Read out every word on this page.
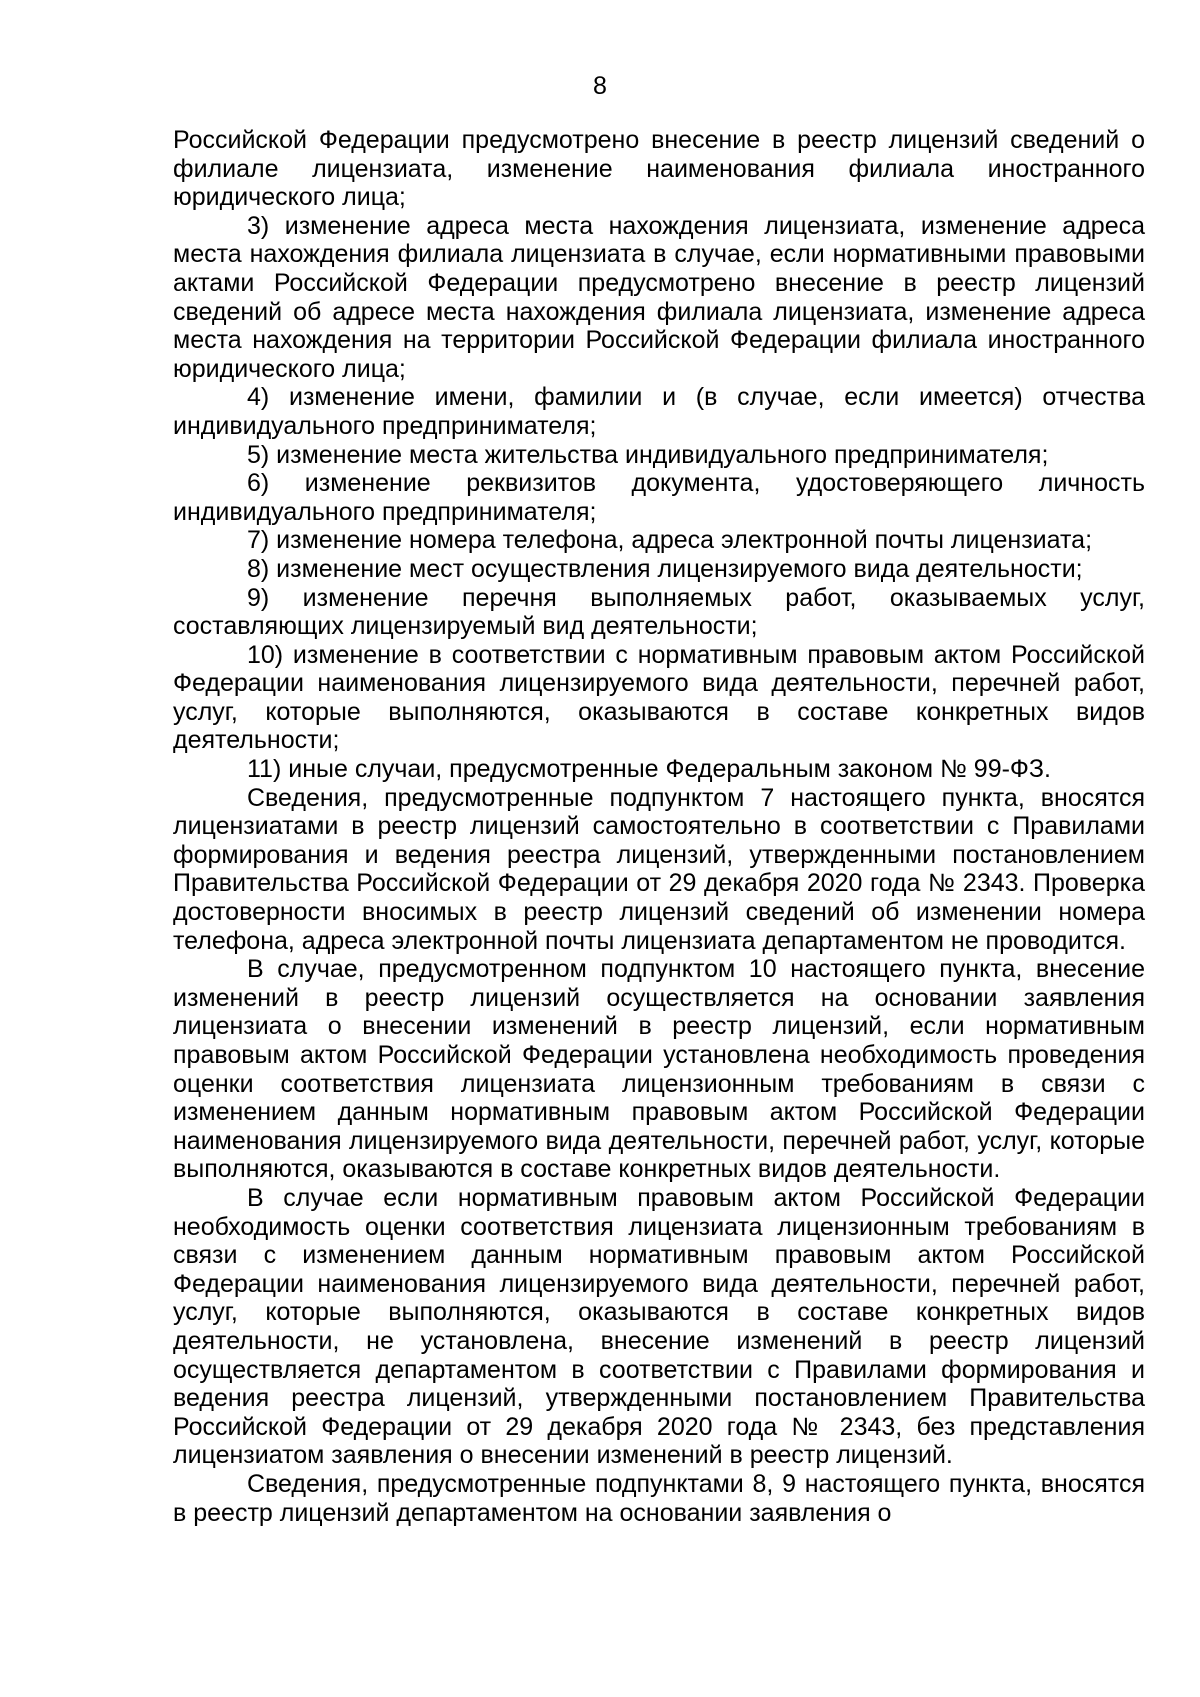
8

Российской Федерации предусмотрено внесение в реестр лицензий сведений о филиале лицензиата, изменение наименования филиала иностранного юридического лица;

3) изменение адреса места нахождения лицензиата, изменение адреса места нахождения филиала лицензиата в случае, если нормативными правовыми актами Российской Федерации предусмотрено внесение в реестр лицензий сведений об адресе места нахождения филиала лицензиата, изменение адреса места нахождения на территории Российской Федерации филиала иностранного юридического лица;

4) изменение имени, фамилии и (в случае, если имеется) отчества индивидуального предпринимателя;

5) изменение места жительства индивидуального предпринимателя;

6) изменение реквизитов документа, удостоверяющего личность индивидуального предпринимателя;

7) изменение номера телефона, адреса электронной почты лицензиата;

8) изменение мест осуществления лицензируемого вида деятельности;

9) изменение перечня выполняемых работ, оказываемых услуг, составляющих лицензируемый вид деятельности;

10) изменение в соответствии с нормативным правовым актом Российской Федерации наименования лицензируемого вида деятельности, перечней работ, услуг, которые выполняются, оказываются в составе конкретных видов деятельности;

11) иные случаи, предусмотренные Федеральным законом № 99-ФЗ.

Сведения, предусмотренные подпунктом 7 настоящего пункта, вносятся лицензиатами в реестр лицензий самостоятельно в соответствии с Правилами формирования и ведения реестра лицензий, утвержденными постановлением Правительства Российской Федерации от 29 декабря 2020 года № 2343. Проверка достоверности вносимых в реестр лицензий сведений об изменении номера телефона, адреса электронной почты лицензиата департаментом не проводится.

В случае, предусмотренном подпунктом 10 настоящего пункта, внесение изменений в реестр лицензий осуществляется на основании заявления лицензиата о внесении изменений в реестр лицензий, если нормативным правовым актом Российской Федерации установлена необходимость проведения оценки соответствия лицензиата лицензионным требованиям в связи с изменением данным нормативным правовым актом Российской Федерации наименования лицензируемого вида деятельности, перечней работ, услуг, которые выполняются, оказываются в составе конкретных видов деятельности.

В случае если нормативным правовым актом Российской Федерации необходимость оценки соответствия лицензиата лицензионным требованиям в связи с изменением данным нормативным правовым актом Российской Федерации наименования лицензируемого вида деятельности, перечней работ, услуг, которые выполняются, оказываются в составе конкретных видов деятельности, не установлена, внесение изменений в реестр лицензий осуществляется департаментом в соответствии с Правилами формирования и ведения реестра лицензий, утвержденными постановлением Правительства Российской Федерации от 29 декабря 2020 года № 2343, без представления лицензиатом заявления о внесении изменений в реестр лицензий.

Сведения, предусмотренные подпунктами 8, 9 настоящего пункта, вносятся в реестр лицензий департаментом на основании заявления о
